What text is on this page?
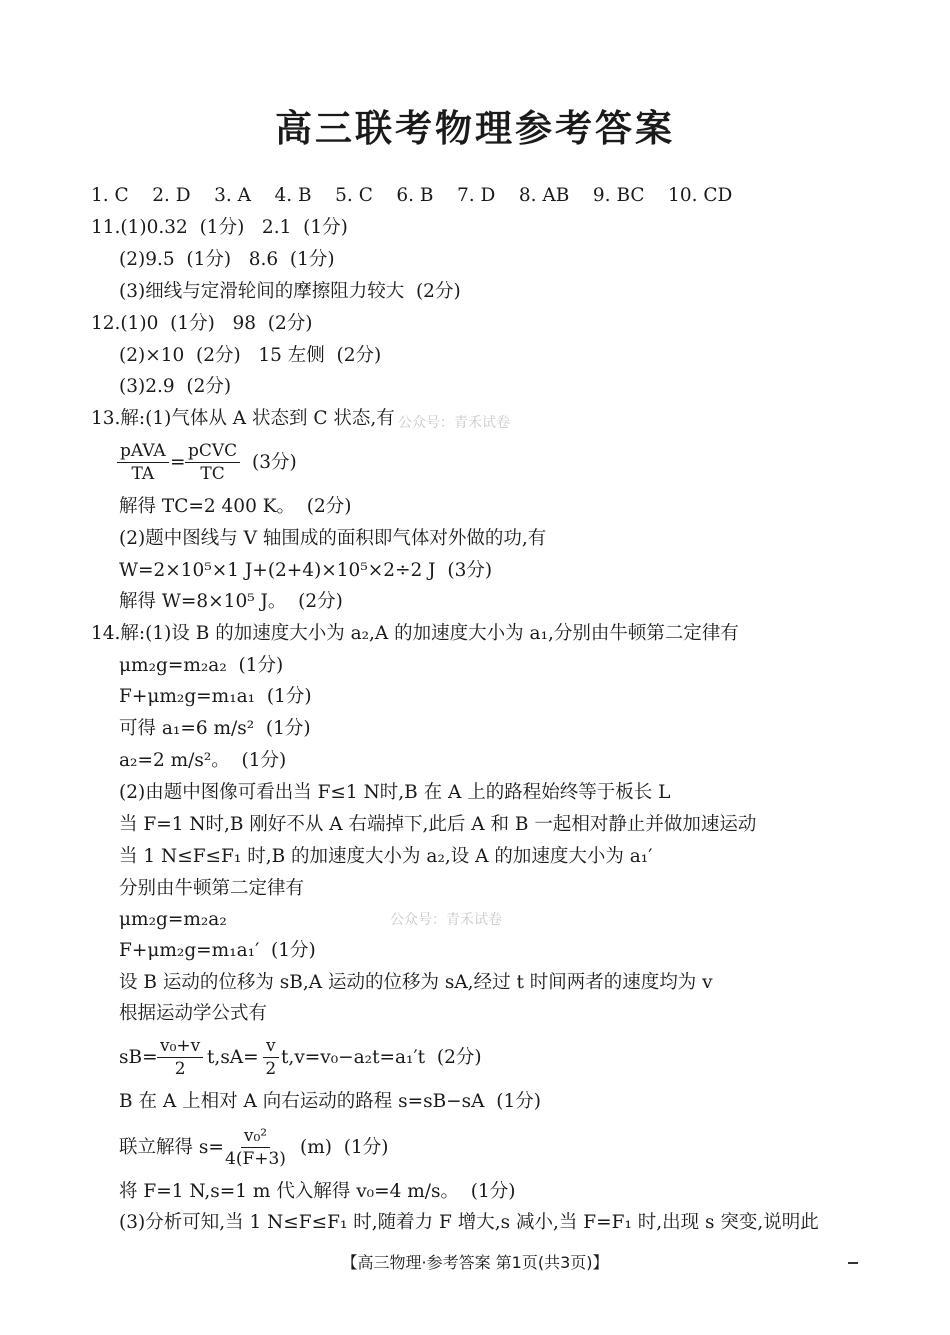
高三联考物理参考答案
1. C    2. D    3. A    4. B    5. C    6. B    7. D    8. AB    9. BC    10. CD
11.(1)0.32  (1分)   2.1  (1分)
(2)9.5  (1分)   8.6  (1分)
(3)细线与定滑轮间的摩擦阻力较大  (2分)
12.(1)0  (1分)   98  (2分)
(2)×10  (2分)   15 左侧  (2分)
(3)2.9  (2分)
13.解:(1)气体从 A 状态到 C 状态,有 公众号：青禾试卷
pAVA
TA
=
pCVC
TC
(3分)
解得 TC=2 400 K。  (2分)
(2)题中图线与 V 轴围成的面积即气体对外做的功,有
W=2×10⁵×1 J+(2+4)×10⁵×2÷2 J  (3分)
解得 W=8×10⁵ J。  (2分)
14.解:(1)设 B 的加速度大小为 a₂,A 的加速度大小为 a₁,分别由牛顿第二定律有
μm₂g=m₂a₂  (1分)
F+μm₂g=m₁a₁  (1分)
可得 a₁=6 m/s²  (1分)
a₂=2 m/s²。  (1分)
(2)由题中图像可看出当 F≤1 N时,B 在 A 上的路程始终等于板长 L
当 F=1 N时,B 刚好不从 A 右端掉下,此后 A 和 B 一起相对静止并做加速运动
当 1 N≤F≤F₁ 时,B 的加速度大小为 a₂,设 A 的加速度大小为 a₁′
分别由牛顿第二定律有
μm₂g=m₂a₂	公众号：青禾试卷
F+μm₂g=m₁a₁′  (1分)
设 B 运动的位移为 sB,A 运动的位移为 sA,经过 t 时间两者的速度均为 v
根据运动学公式有
$sB= \frac{\text{v₀+v}}{2} t,sA= \frac{v}{2} t,v=v_0-a_2t=a_1't$  (2分)
B 在 A 上相对 A 向右运动的路程 s=sB−sA  (1分)
联立解得 $s= \frac{\text{v₀²}}{4(F+3)} (m)$  (1分)
将 F=1 N,s=1 m 代入解得 v₀=4 m/s。  (1分)
(3)分析可知,当 1 N≤F≤F₁ 时,随着力 F 增大,s 减小,当 F=F₁ 时,出现 s 突变,说明此
【高三物理·参考答案 第1页(共3页)】
